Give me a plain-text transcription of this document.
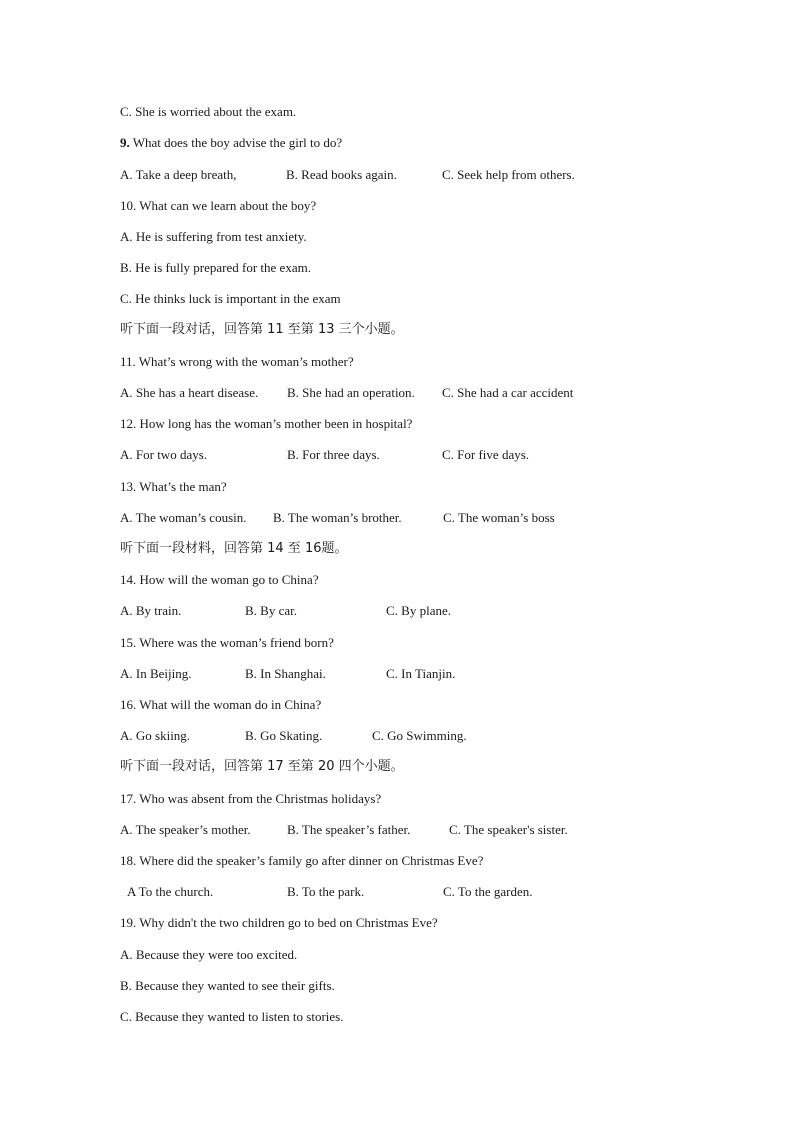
C. She is worried about the exam.
9. What does the boy advise the girl to do?
A. Take a deep breath,	B. Read books again.	C. Seek help from others.
10. What can we learn about the boy?
A. He is suffering from test anxiety.
B. He is fully prepared for the exam.
C. He thinks luck is important in the exam
听下面一段对话，回答第 11 至第 13 三个小题。
11. What’s wrong with the woman’s mother?
A. She has a heart disease. B. She had an operation. C. She had a car accident
12. How long has the woman’s mother been in hospital?
A. For two days.	B. For three days.	C. For five days.
13. What’s the man?
A. The woman’s cousin. B. The woman’s brother.	C. The woman’s boss
听下面一段材料，回答第 14 至 16题。
14. How will the woman go to China?
A. By train.	B. By car.	C. By plane.
15. Where was the woman’s friend born?
A. In Beijing.	B. In Shanghai.	C. In Tianjin.
16. What will the woman do in China?
A. Go skiing.	B. Go Skating.	C. Go Swimming.
听下面一段对话，回答第 17 至第 20 四个小题。
17. Who was absent from the Christmas holidays?
A. The speaker’s mother.	B. The speaker’s father.	C. The speaker's sister.
18. Where did the speaker’s family go after dinner on Christmas Eve?
A To the church.	B. To the park.	C. To the garden.
19. Why didn't the two children go to bed on Christmas Eve?
A. Because they were too excited.
B. Because they wanted to see their gifts.
C. Because they wanted to listen to stories.
